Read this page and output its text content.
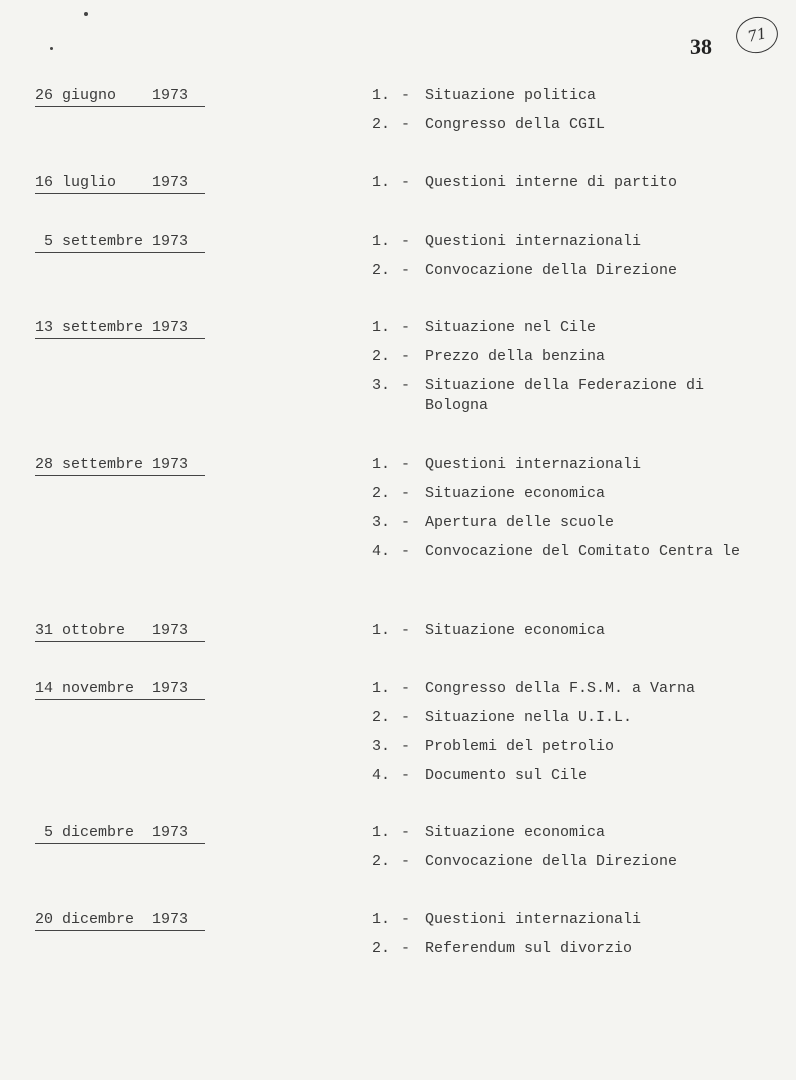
38	71
26 giugno    1973	1. - Situazione politica
2. - Congresso della CGIL
16 luglio    1973	1. - Questioni interne di partito
5 settembre 1973	1. - Questioni internazionali
2. - Convocazione della Direzione
13 settembre 1973	1. - Situazione nel Cile
2. - Prezzo della benzina
3. - Situazione della Federazione di Bologna
28 settembre 1973	1. - Questioni internazionali
2. - Situazione economica
3. - Apertura delle scuole
4. - Convocazione del Comitato Centra le
31 ottobre   1973	1. - Situazione economica
14 novembre  1973	1. - Congresso della F.S.M. a Varna
2. - Situazione nella U.I.L.
3. - Problemi del petrolio
4. - Documento sul Cile
5 dicembre  1973	1. - Situazione economica
2. - Convocazione della Direzione
20 dicembre  1973	1. - Questioni internazionali
2. - Referendum sul divorzio
